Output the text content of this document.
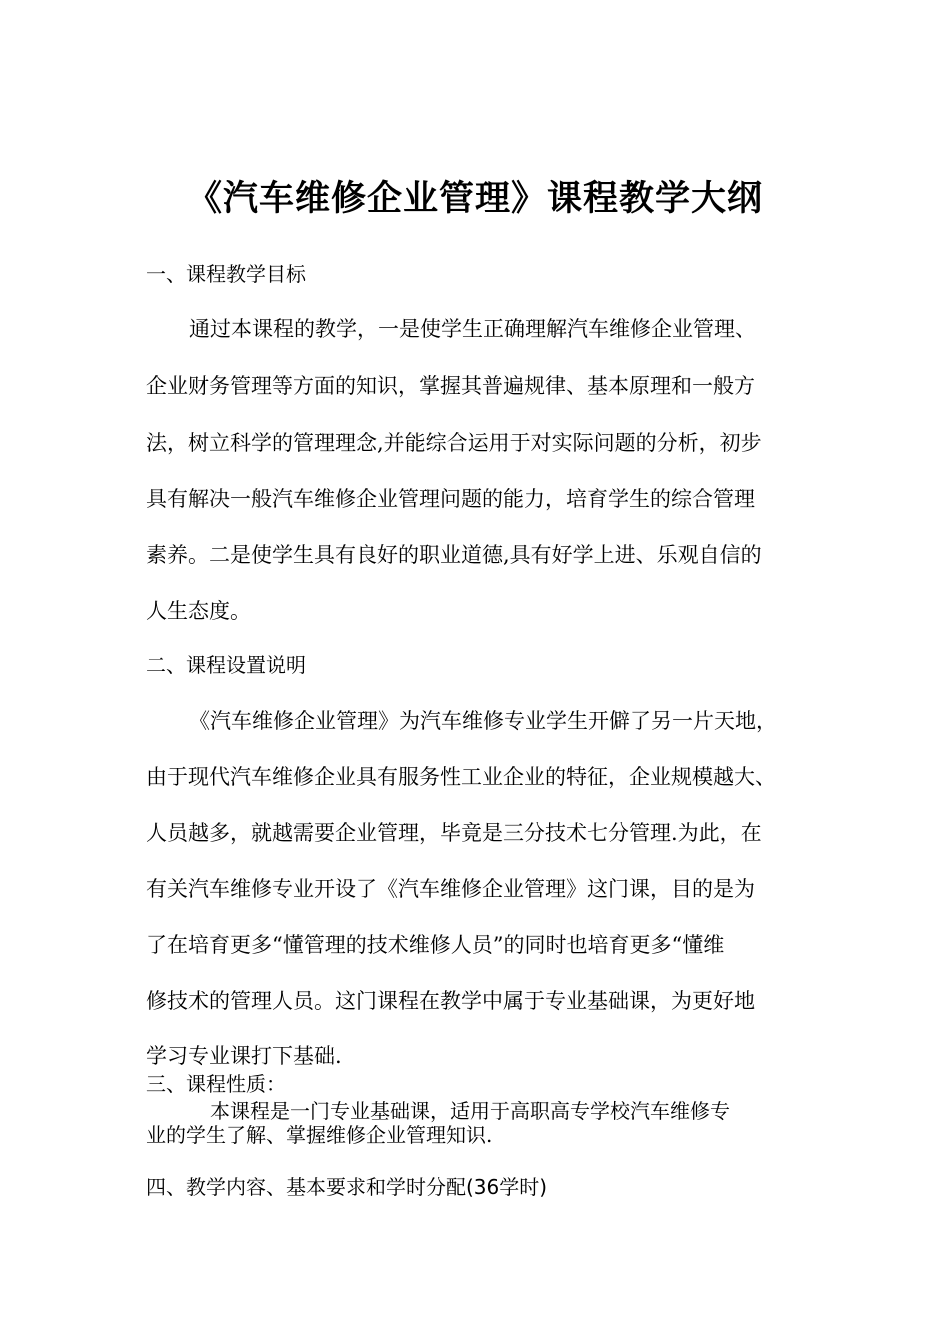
《汽车维修企业管理》课程教学大纲
一、课程教学目标
通过本课程的教学，一是使学生正确理解汽车维修企业管理、
企业财务管理等方面的知识，掌握其普遍规律、基本原理和一般方
法，树立科学的管理理念,并能综合运用于对实际问题的分析，初步
具有解决一般汽车维修企业管理问题的能力，培育学生的综合管理
素养。二是使学生具有良好的职业道德,具有好学上进、乐观自信的
人生态度。
二、课程设置说明
《汽车维修企业管理》为汽车维修专业学生开僻了另一片天地，
由于现代汽车维修企业具有服务性工业企业的特征，企业规模越大、
人员越多，就越需要企业管理，毕竟是三分技术七分管理.为此，在
有关汽车维修专业开设了《汽车维修企业管理》这门课，目的是为
了在培育更多“懂管理的技术维修人员”的同时也培育更多“懂维
修技术的管理人员。这门课程在教学中属于专业基础课，为更好地
学习专业课打下基础.
三、课程性质：
本课程是一门专业基础课，适用于高职高专学校汽车维修专
业的学生了解、掌握维修企业管理知识.
四、教学内容、基本要求和学时分配(36学时)
